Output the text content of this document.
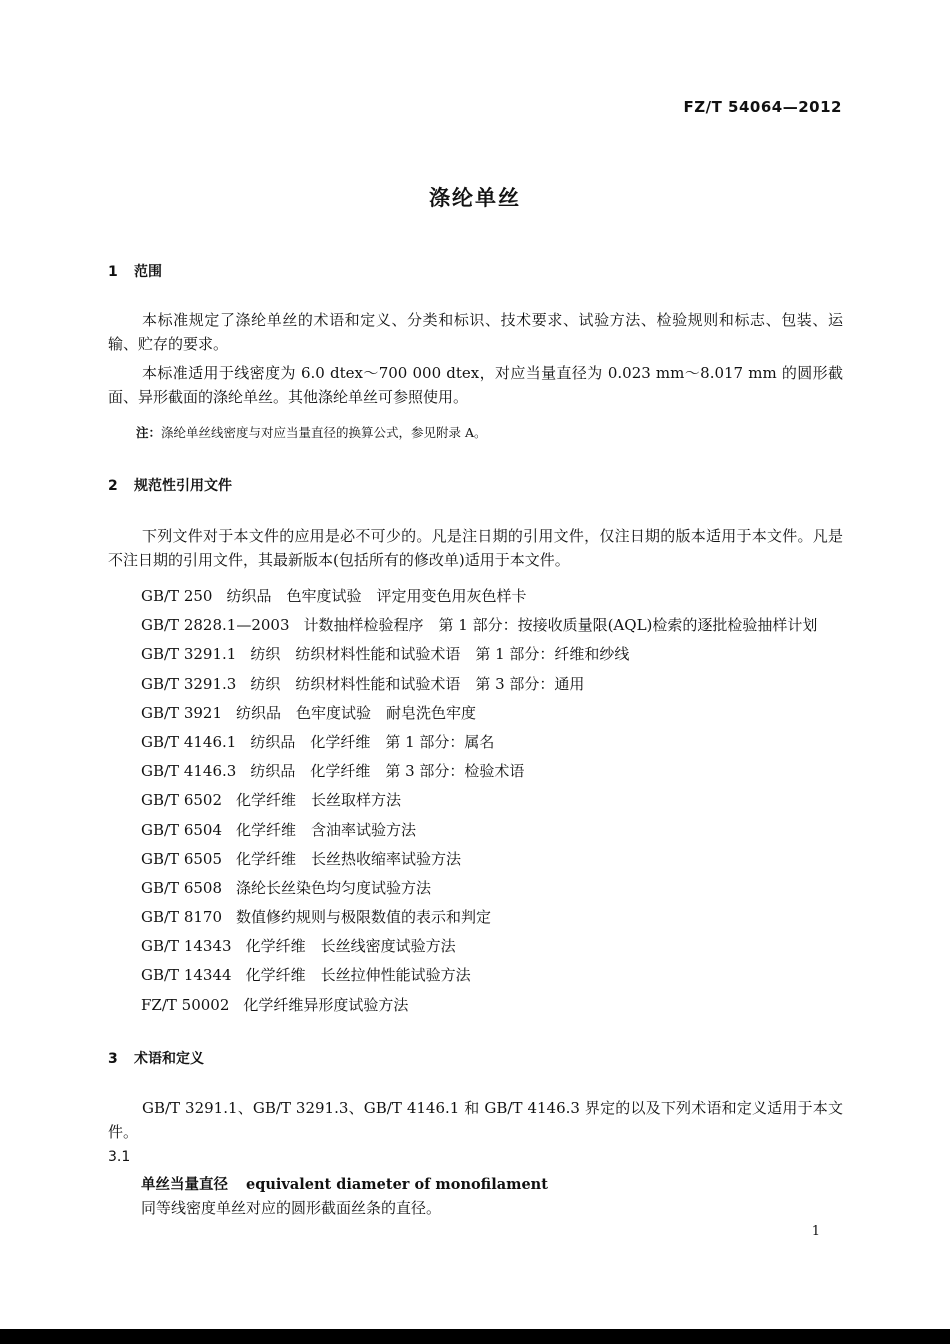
FZ/T 54064—2012
涤纶单丝
1 范围
本标准规定了涤纶单丝的术语和定义、分类和标识、技术要求、试验方法、检验规则和标志、包装、运输、贮存的要求。
本标准适用于线密度为 6.0 dtex～700 000 dtex，对应当量直径为 0.023 mm～8.017 mm 的圆形截面、异形截面的涤纶单丝。其他涤纶单丝可参照使用。
注：涤纶单丝线密度与对应当量直径的换算公式，参见附录 A。
2 规范性引用文件
下列文件对于本文件的应用是必不可少的。凡是注日期的引用文件，仅注日期的版本适用于本文件。凡是不注日期的引用文件，其最新版本(包括所有的修改单)适用于本文件。
GB/T 250 纺织品　色牢度试验　评定用变色用灰色样卡
GB/T 2828.1—2003 计数抽样检验程序　第 1 部分：按接收质量限(AQL)检索的逐批检验抽样计划
GB/T 3291.1 纺织　纺织材料性能和试验术语　第 1 部分：纤维和纱线
GB/T 3291.3 纺织　纺织材料性能和试验术语　第 3 部分：通用
GB/T 3921 纺织品　色牢度试验　耐皂洗色牢度
GB/T 4146.1 纺织品　化学纤维　第 1 部分：属名
GB/T 4146.3 纺织品　化学纤维　第 3 部分：检验术语
GB/T 6502 化学纤维　长丝取样方法
GB/T 6504 化学纤维　含油率试验方法
GB/T 6505 化学纤维　长丝热收缩率试验方法
GB/T 6508 涤纶长丝染色均匀度试验方法
GB/T 8170 数值修约规则与极限数值的表示和判定
GB/T 14343 化学纤维　长丝线密度试验方法
GB/T 14344 化学纤维　长丝拉伸性能试验方法
FZ/T 50002 化学纤维异形度试验方法
3 术语和定义
GB/T 3291.1、GB/T 3291.3、GB/T 4146.1 和 GB/T 4146.3 界定的以及下列术语和定义适用于本文件。
3.1
单丝当量直径 equivalent diameter of monofilament
同等线密度单丝对应的圆形截面丝条的直径。
1
